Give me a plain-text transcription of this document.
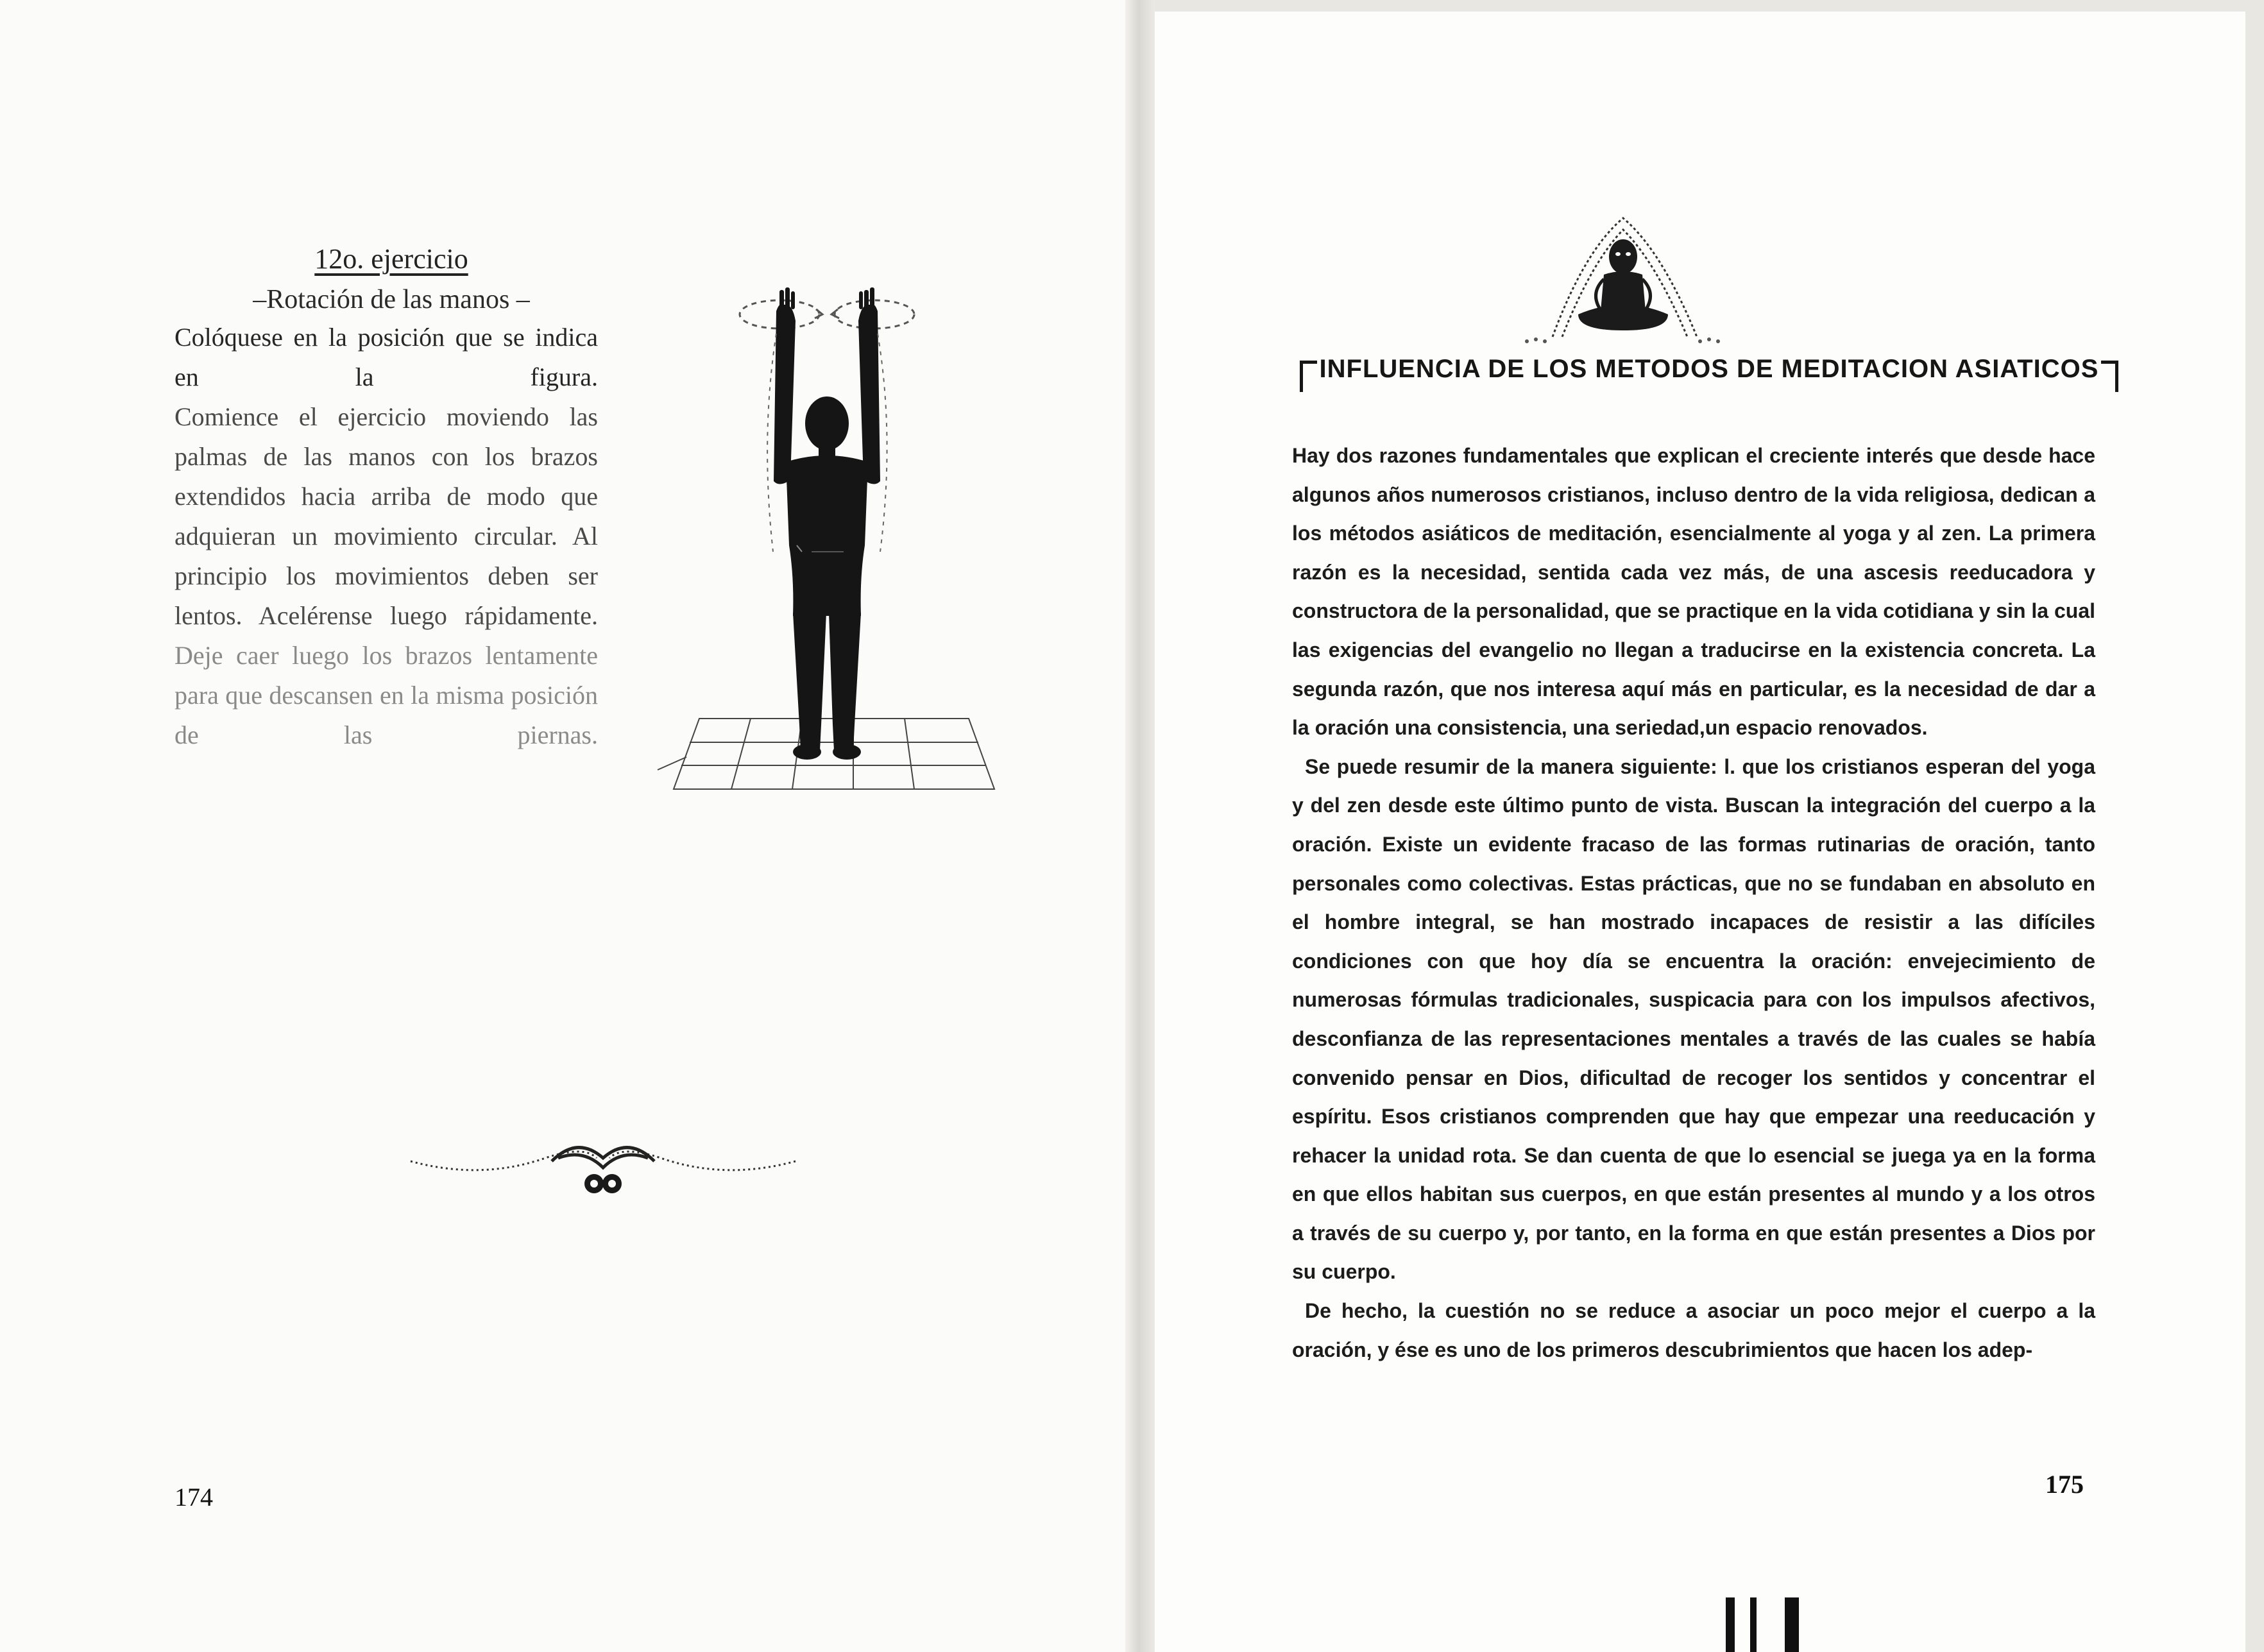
12o. ejercicio
–Rotación de las manos –

Colóquese en la posición que se indica en la figura.

Comience el ejercicio moviendo las palmas de las manos con los brazos extendidos hacia arriba de modo que adquieran un movimiento circular. Al principio los movimientos deben ser lentos. Acelérense luego rápidamente.

Deje caer luego los brazos lentamente para que descansen en la misma posición de las piernas.

174
INFLUENCIA DE LOS METODOS DE MEDITACION ASIATICOS

Hay dos razones fundamentales que explican el creciente interés que desde hace algunos años numerosos cristianos, incluso dentro de la vida religiosa, dedican a los métodos asiáticos de meditación, esencialmente al yoga y al zen. La primera razón es la necesidad, sentida cada vez más, de una ascesis reeducadora y constructora de la personalidad, que se practique en la vida cotidiana y sin la cual las exigencias del evangelio no llegan a traducirse en la existencia concreta. La segunda razón, que nos interesa aquí más en particular, es la necesidad de dar a la oración una consistencia, una seriedad,un espacio renovados.

Se puede resumir de la manera siguiente: l. que los cristianos esperan del yoga y del zen desde este último punto de vista. Buscan la integración del cuerpo a la oración. Existe un evidente fracaso de las formas rutinarias de oración, tanto personales como colectivas. Estas prácticas, que no se fundaban en absoluto en el hombre integral, se han mostrado incapaces de resistir a las difíciles condiciones con que hoy día se encuentra la oración: envejecimiento de numerosas fórmulas tradicionales, suspicacia para con los impulsos afectivos, desconfianza de las representaciones mentales a través de las cuales se había convenido pensar en Dios, dificultad de recoger los sentidos y concentrar el espíritu. Esos cristianos comprenden que hay que empezar una reeducación y rehacer la unidad rota. Se dan cuenta de que lo esencial se juega ya en la forma en que ellos habitan sus cuerpos, en que están presentes al mundo y a los otros a través de su cuerpo y, por tanto, en la forma en que están presentes a Dios por su cuerpo.

De hecho, la cuestión no se reduce a asociar un poco mejor el cuerpo a la oración, y ése es uno de los primeros descubrimientos que hacen los adep-

175
